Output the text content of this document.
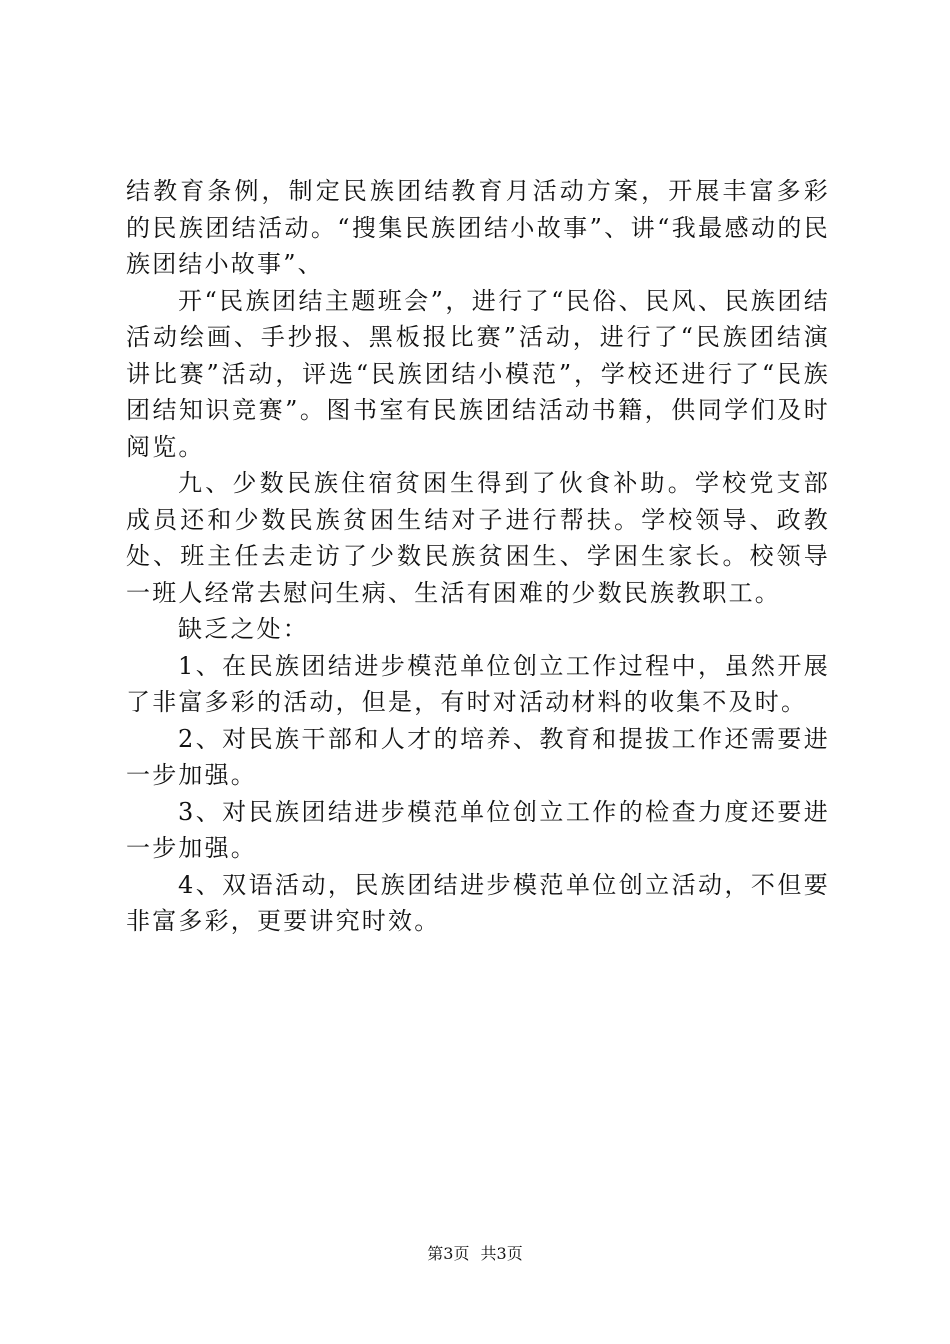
结教育条例，制定民族团结教育月活动方案，开展丰富多彩的民族团结活动。“搜集民族团结小故事”、讲“我最感动的民族团结小故事”、

开“民族团结主题班会”，进行了“民俗、民风、民族团结活动绘画、手抄报、黑板报比赛”活动，进行了“民族团结演讲比赛”活动，评选“民族团结小模范”，学校还进行了“民族团结知识竞赛”。图书室有民族团结活动书籍，供同学们及时阅览。

九、少数民族住宿贫困生得到了伙食补助。学校党支部成员还和少数民族贫困生结对子进行帮扶。学校领导、政教处、班主任去走访了少数民族贫困生、学困生家长。校领导一班人经常去慰问生病、生活有困难的少数民族教职工。

缺乏之处：

1、在民族团结进步模范单位创立工作过程中，虽然开展了非富多彩的活动，但是，有时对活动材料的收集不及时。

2、对民族干部和人才的培养、教育和提拔工作还需要进一步加强。

3、对民族团结进步模范单位创立工作的检查力度还要进一步加强。

4、双语活动，民族团结进步模范单位创立活动，不但要非富多彩，更要讲究时效。

第3页 共3页
